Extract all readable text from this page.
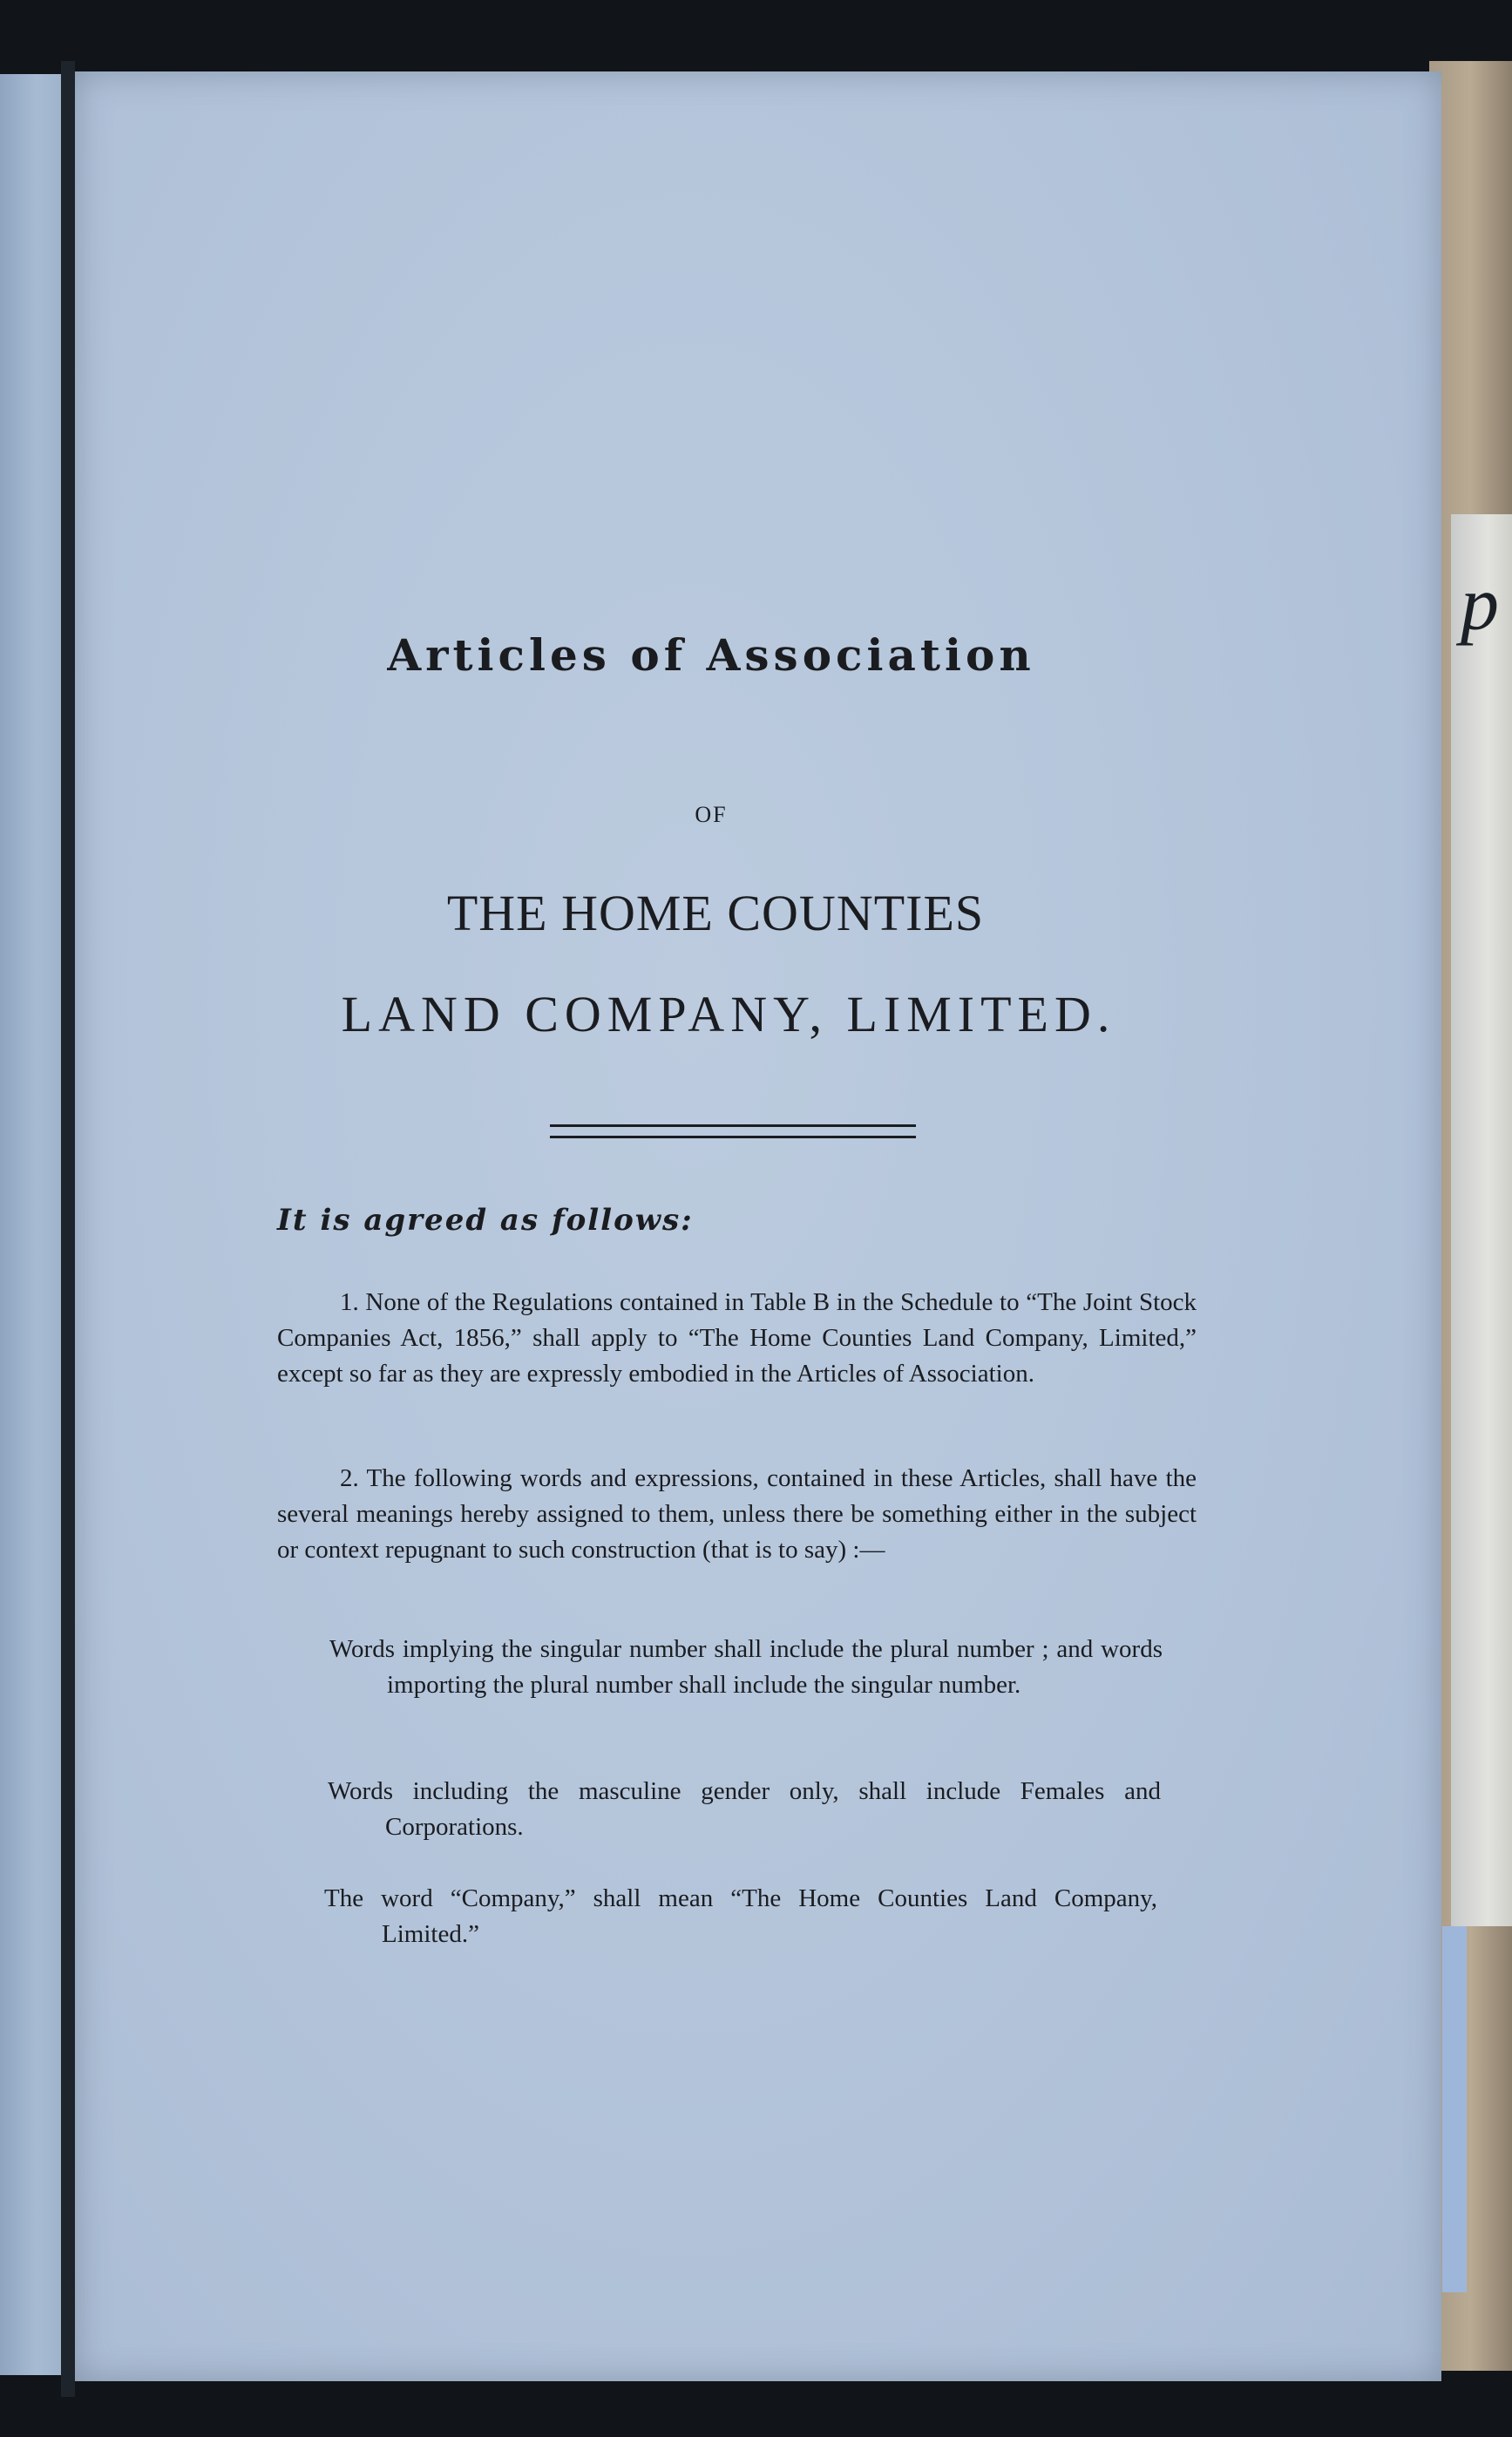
p
Articles of Association
OF
THE HOME COUNTIES
LAND COMPANY, LIMITED.
It is agreed as follows:
1. None of the Regulations contained in Table B in the Schedule to “The Joint Stock Companies Act, 1856,” shall apply to “The Home Counties Land Company, Limited,” except so far as they are expressly embodied in the Articles of Association.
2. The following words and expressions, contained in these Articles, shall have the several meanings hereby assigned to them, unless there be something either in the subject or context repugnant to such construction (that is to say) :—
Words implying the singular number shall include the plural number ; and words importing the plural number shall include the singular number.
Words including the masculine gender only, shall include Females and Corporations.
The word “Company,” shall mean “The Home Counties Land Company, Limited.”
